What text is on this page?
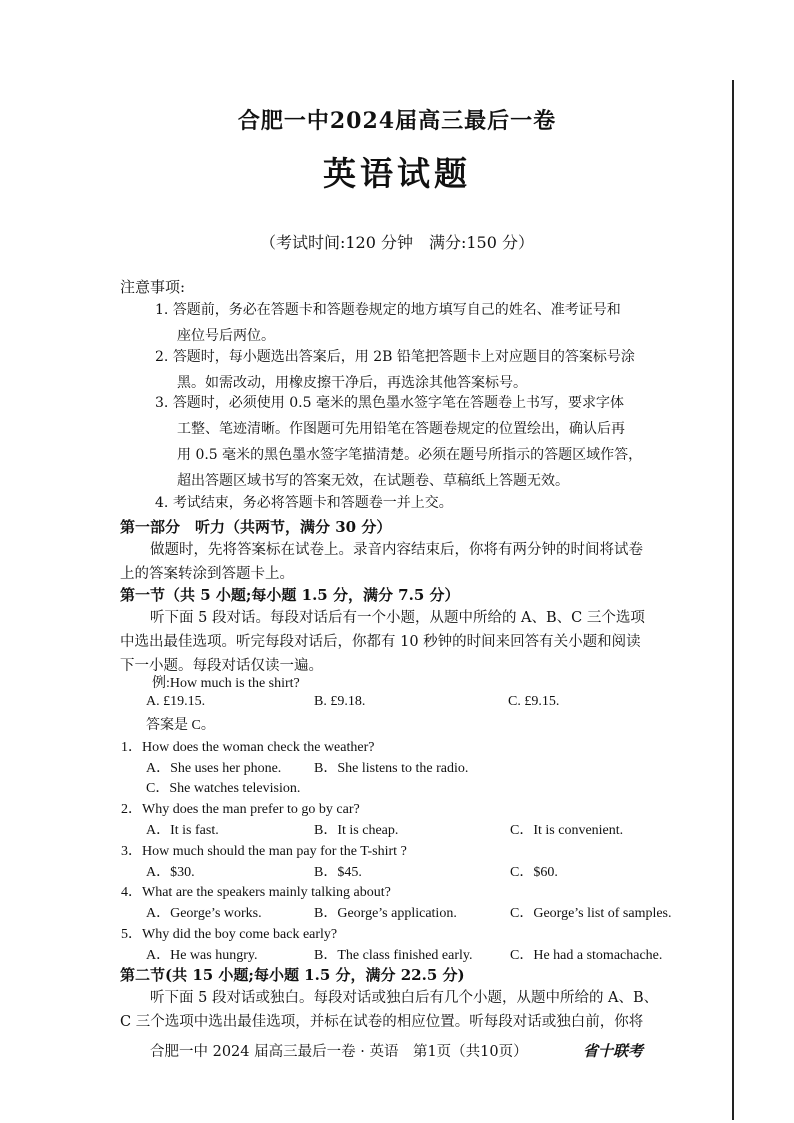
合肥一中2024届高三最后一卷
英语试题
（考试时间:120 分钟　满分:150 分）
注意事项:
1. 答题前，务必在答题卡和答题卷规定的地方填写自己的姓名、准考证号和
座位号后两位。
2. 答题时，每小题选出答案后，用 2B 铅笔把答题卡上对应题目的答案标号涂
黑。如需改动，用橡皮擦干净后，再选涂其他答案标号。
3. 答题时，必须使用 0.5 毫米的黑色墨水签字笔在答题卷上书写，要求字体
工整、笔迹清晰。作图题可先用铅笔在答题卷规定的位置绘出，确认后再
用 0.5 毫米的黑色墨水签字笔描清楚。必须在题号所指示的答题区域作答，
超出答题区域书写的答案无效，在试题卷、草稿纸上答题无效。
4. 考试结束，务必将答题卡和答题卷一并上交。
第一部分　听力（共两节，满分 30 分）
做题时，先将答案标在试卷上。录音内容结束后，你将有两分钟的时间将试卷
上的答案转涂到答题卡上。
第一节（共 5 小题;每小题 1.5 分，满分 7.5 分）
听下面 5 段对话。每段对话后有一个小题，从题中所给的 A、B、C 三个选项
中选出最佳选项。听完每段对话后，你都有 10 秒钟的时间来回答有关小题和阅读
下一小题。每段对话仅读一遍。
例:How much is the shirt?
A. £19.15.	B. £9.18.	C. £9.15.
答案是 C。
1．How does the woman check the weather?
A．She uses her phone. B．She listens to the radio.
C．She watches television.
2．Why does the man prefer to go by car?
A．It is fast.	B．It is cheap.	C．It is convenient.
3．How much should the man pay for the T-shirt ?
A．$30.	B．$45.	C．$60.
4．What are the speakers mainly talking about?
A．George’s works.	B．George’s application.	C．George’s list of samples.
5．Why did the boy come back early?
A．He was hungry.	B．The class finished early.	C．He had a stomachache.
第二节(共 15 小题;每小题 1.5 分，满分 22.5 分)
听下面 5 段对话或独白。每段对话或独白后有几个小题，从题中所给的 A、B、
C 三个选项中选出最佳选项，并标在试卷的相应位置。听每段对话或独白前，你将
合肥一中 2024 届高三最后一卷 · 英语　第1页（共10页）	省十联考
